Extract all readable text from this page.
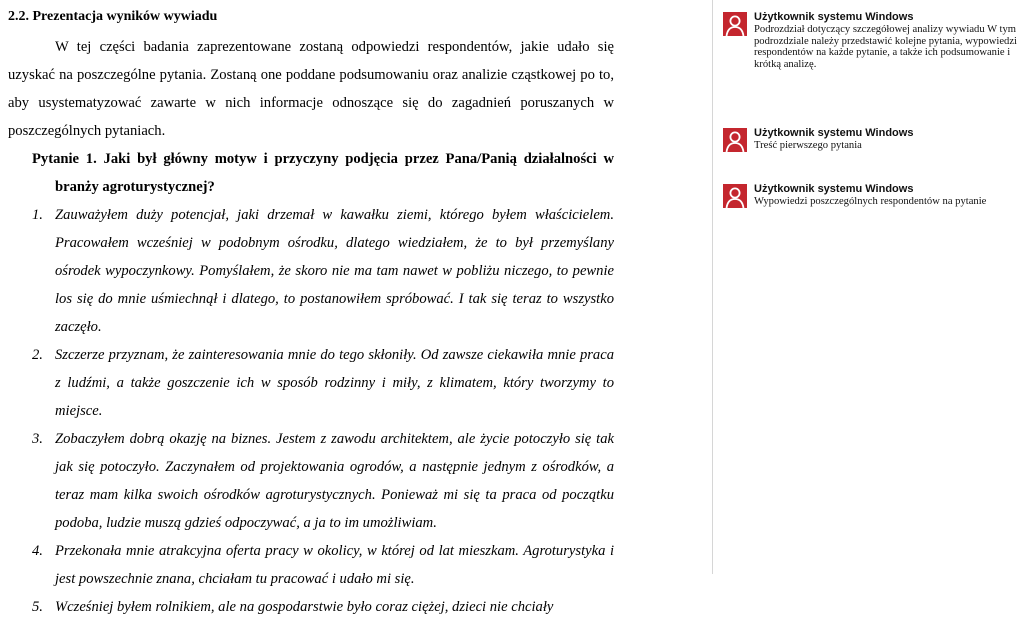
2.2. Prezentacja wyników wywiadu

W tej części badania zaprezentowane zostaną odpowiedzi respondentów, jakie udało się uzyskać na poszczególne pytania. Zostaną one poddane podsumowaniu oraz analizie cząstkowej po to, aby usystematyzować zawarte w nich informacje odnoszące się do zagadnień poruszanych w poszczególnych pytaniach.

Pytanie 1. Jaki był główny motyw i przyczyny podjęcia przez Pana/Panią działalności w branży agroturystycznej?

1. Zauważyłem duży potencjał, jaki drzemał w kawałku ziemi, którego byłem właścicielem. Pracowałem wcześniej w podobnym ośrodku, dlatego wiedziałem, że to był przemyślany ośrodek wypoczynkowy. Pomyślałem, że skoro nie ma tam nawet w pobliżu niczego, to pewnie los się do mnie uśmiechnął i dlatego, to postanowiłem spróbować. I tak się teraz to wszystko zaczęło.
2. Szczerze przyznam, że zainteresowania mnie do tego skłoniły. Od zawsze ciekawiła mnie praca z ludźmi, a także goszczenie ich w sposób rodzinny i miły, z klimatem, który tworzymy to miejsce.
3. Zobaczyłem dobrą okazję na biznes. Jestem z zawodu architektem, ale życie potoczyło się tak jak się potoczyło. Zaczynałem od projektowania ogrodów, a następnie jednym z ośrodków, a teraz mam kilka swoich ośrodków agroturystycznych. Ponieważ mi się ta praca od początku podoba, ludzie muszą gdzieś odpoczywać, a ja to im umożliwiam.
4. Przekonała mnie atrakcyjna oferta pracy w okolicy, w której od lat mieszkam. Agroturystyka i jest powszechnie znana, chciałam tu pracować i udało mi się.
5. Wcześniej byłem rolnikiem, ale na gospodarstwie było coraz ciężej, dzieci nie chciały
Użytkownik systemu Windows
Podrozdział dotyczący szczegółowej analizy wywiadu W tym podrozdziale należy przedstawić kolejne pytania, wypowiedzi respondentów na każde pytanie, a także ich podsumowanie i krótką analizę.
Użytkownik systemu Windows
Treść pierwszego pytania
Użytkownik systemu Windows
Wypowiedzi poszczególnych respondentów na pytanie
